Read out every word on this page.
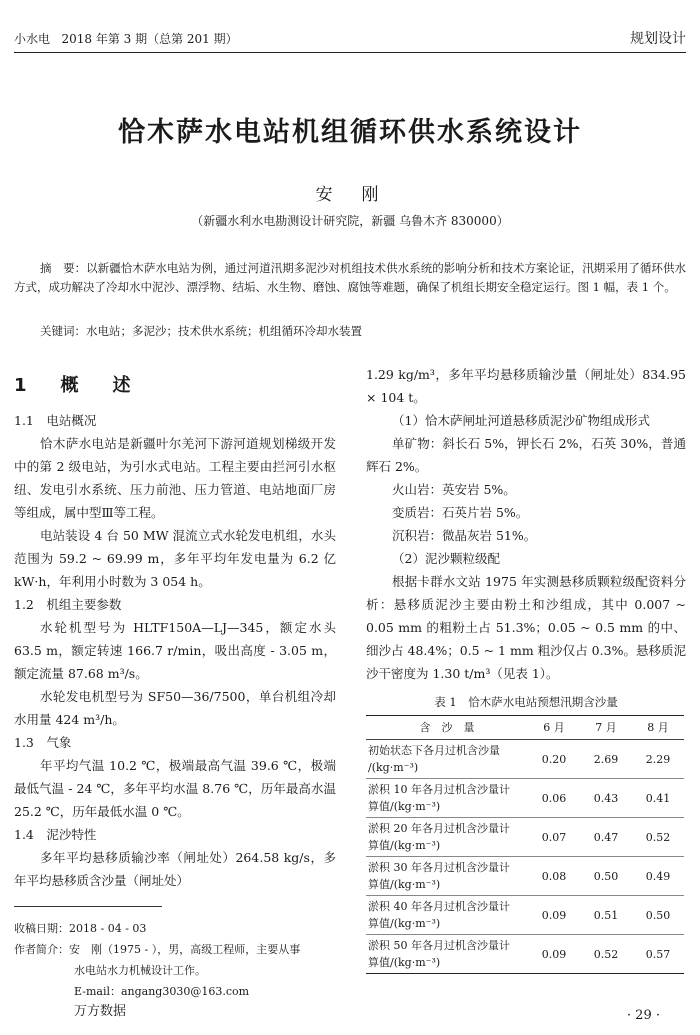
小水电 2018 年第 3 期（总第 201 期）	规划设计
恰木萨水电站机组循环供水系统设计
安　刚
（新疆水利水电勘测设计研究院，新疆 乌鲁木齐 830000）

摘　要：以新疆恰木萨水电站为例，通过河道汛期多泥沙对机组技术供水系统的影响分析和技术方案论证，汛期采用了循环供水方式，成功解决了冷却水中泥沙、漂浮物、结垢、水生物、磨蚀、腐蚀等难题，确保了机组长期安全稳定运行。图 1 幅，表 1 个。

关键词：水电站；多泥沙；技术供水系统；机组循环冷却水装置

1　概　述
1.1　电站概况

恰木萨水电站是新疆叶尔羌河下游河道规划梯级开发中的第 2 级电站，为引水式电站。工程主要由拦河引水枢纽、发电引水系统、压力前池、压力管道、电站地面厂房等组成，属中型Ⅲ等工程。

电站装设 4 台 50 MW 混流立式水轮发电机组，水头范围为 59.2 ~ 69.99 m，多年平均年发电量为 6.2 亿 kW·h，年利用小时数为 3 054 h。

1.2　机组主要参数

水轮机型号为 HLTF150A—LJ—345，额定水头 63.5 m，额定转速 166.7 r/min，吸出高度 - 3.05 m，额定流量 87.68 m³/s。

水轮发电机型号为 SF50—36/7500，单台机组冷却水用量 424 m³/h。

1.3　气象

年平均气温 10.2 ℃，极端最高气温 39.6 ℃，极端最低气温 - 24 ℃，多年平均水温 8.76 ℃，历年最高水温 25.2 ℃，历年最低水温 0 ℃。

1.4　泥沙特性

多年平均悬移质输沙率（闸址处）264.58 kg/s，多年平均悬移质含沙量（闸址处）

1.29 kg/m³，多年平均悬移质输沙量（闸址处）834.95 × 104 t。

（1）恰木萨闸址河道悬移质泥沙矿物组成形式

单矿物：斜长石 5%，钾长石 2%，石英 30%，普通辉石 2%。

火山岩：英安岩 5%。

变质岩：石英片岩 5%。

沉积岩：微晶灰岩 51%。

（2）泥沙颗粒级配

根据卡群水文站 1975 年实测悬移质颗粒级配资料分析：悬移质泥沙主要由粉土和沙组成，其中 0.007 ~ 0.05 mm 的粗粉土占 51.3%；0.05 ~ 0.5 mm 的中、细沙占 48.4%；0.5 ~ 1 mm 粗沙仅占 0.3%。悬移质泥沙干密度为 1.30 t/m³（见表 1）。

表 1　恰木萨水电站预想汛期含沙量
含　沙　量	6 月	7 月	8 月
初始状态下各月过机含沙量
/(kg·m⁻³)	0.20	2.69	2.29
淤积 10 年各月过机含沙量计
算值/(kg·m⁻³)	0.06	0.43	0.41
淤积 20 年各月过机含沙量计
算值/(kg·m⁻³)	0.07	0.47	0.52
淤积 30 年各月过机含沙量计
算值/(kg·m⁻³)	0.08	0.50	0.49
淤积 40 年各月过机含沙量计
算值/(kg·m⁻³)	0.09	0.51	0.50
淤积 50 年各月过机含沙量计
算值/(kg·m⁻³)	0.09	0.52	0.57
收稿日期：2018 - 04 - 03
作者简介：安　刚（1975 - ），男，高级工程师，主要从事
水电站水力机械设计工作。
E-mail：angang3030@163.com
万方数据	· 29 ·
